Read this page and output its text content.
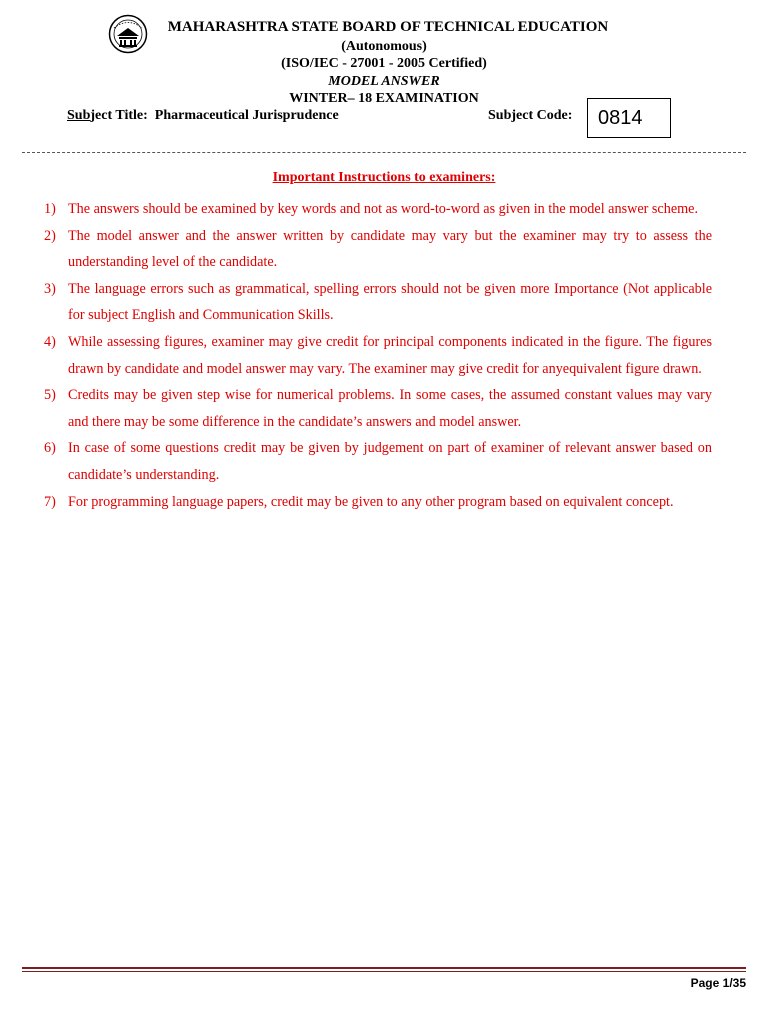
MAHARASHTRA STATE BOARD OF TECHNICAL EDUCATION
(Autonomous)
(ISO/IEC - 27001 - 2005 Certified)
MODEL ANSWER
WINTER– 18 EXAMINATION
Subject Title: Pharmaceutical Jurisprudence	Subject Code:	0814
Important Instructions to examiners:
1) The answers should be examined by key words and not as word-to-word as given in the model answer scheme.
2) The model answer and the answer written by candidate may vary but the examiner may try to assess the understanding level of the candidate.
3) The language errors such as grammatical, spelling errors should not be given more Importance (Not applicable for subject English and Communication Skills.
4) While assessing figures, examiner may give credit for principal components indicated in the figure. The figures drawn by candidate and model answer may vary. The examiner may give credit for anyequivalent figure drawn.
5) Credits may be given step wise for numerical problems. In some cases, the assumed constant values may vary and there may be some difference in the candidate’s answers and model answer.
6) In case of some questions credit may be given by judgement on part of examiner of relevant answer based on candidate’s understanding.
7) For programming language papers, credit may be given to any other program based on equivalent concept.
Page 1/35
